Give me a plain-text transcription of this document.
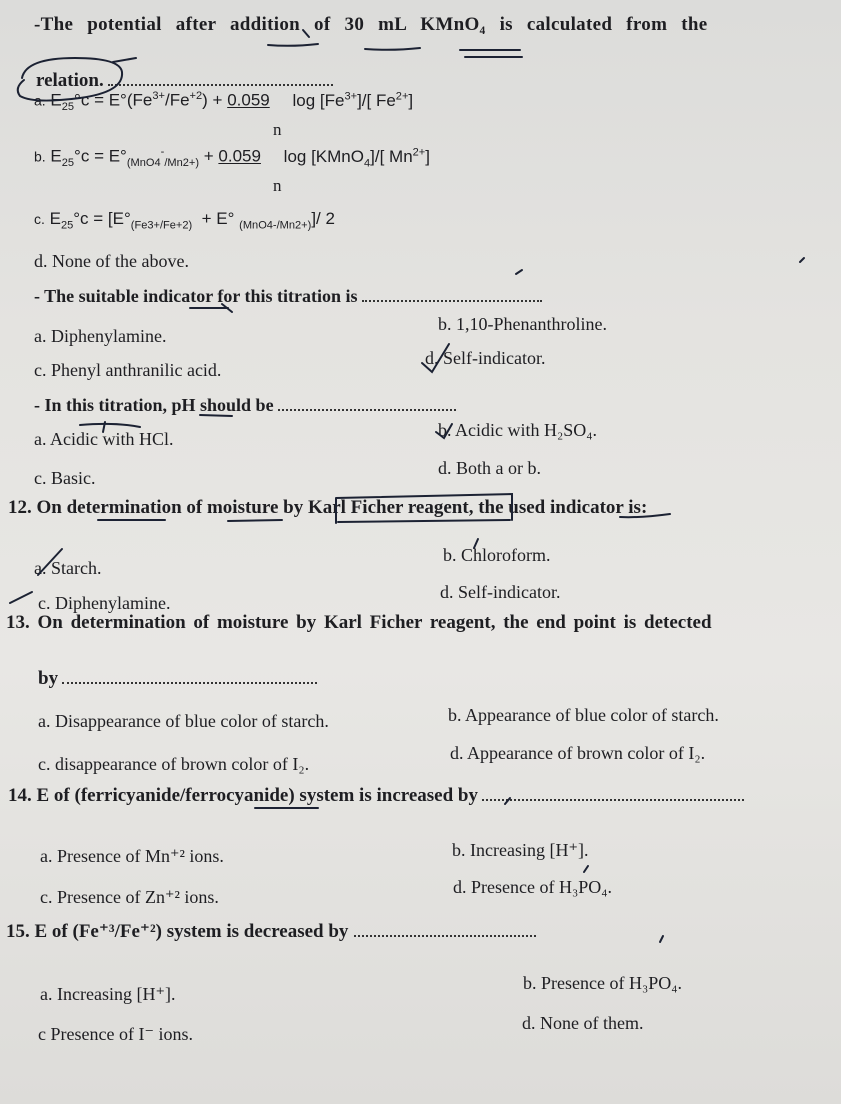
-The potential after addition of 30 mL KMnO₄ is calculated from the
relation.
a. $E_{25}^\circ c = E^\circ(Fe^{3+}/Fe^{+2}) + 0.059$ $\log [Fe^{3+}]/$[ $Fe^{2+}$]
n
b. $E_{25}^\circ c = E^\circ_{(MnO4}^-_{/Mn2+)} + 0.059$ log [KMnO$_4$]/[ $Mn^{2+}$]
n
c. $E_{25}^\circ c = [E^\circ_{(Fe3+/Fe+2)} + E^\circ$ $_{(MnO4-/Mn2+)}$]/ 2
d. None of the above.
- The suitable indicator for this titration is
a. Diphenylamine.
b. 1,10-Phenanthroline.
c. Phenyl anthranilic acid.
d. Self-indicator.
- In this titration, pH should be
a. Acidic with HCl.	b. Acidic with H₂SO₄.
c. Basic.	d. Both a or b.
12. On determination of moisture by Karl Ficher reagent, the used indicator is:
a. Starch.
b. Chloroform.
c. Diphenylamine.
d. Self-indicator.
13. On determination of moisture by Karl Ficher reagent, the end point is detected
by
a. Disappearance of blue color of starch.	b. Appearance of blue color of starch.
c. disappearance of brown color of I₂.
d. Appearance of brown color of I₂.
14. E of (ferricyanide/ferrocyanide) system is increased by
a. Presence of Mn⁺² ions.	b. Increasing [H⁺].
c. Presence of Zn⁺² ions.	d. Presence of H₃PO₄.
15. E of (Fe⁺³/Fe⁺²) system is decreased by
a. Increasing [H⁺].
b. Presence of H₃PO₄.
c Presence of I⁻ ions.
d. None of them.
